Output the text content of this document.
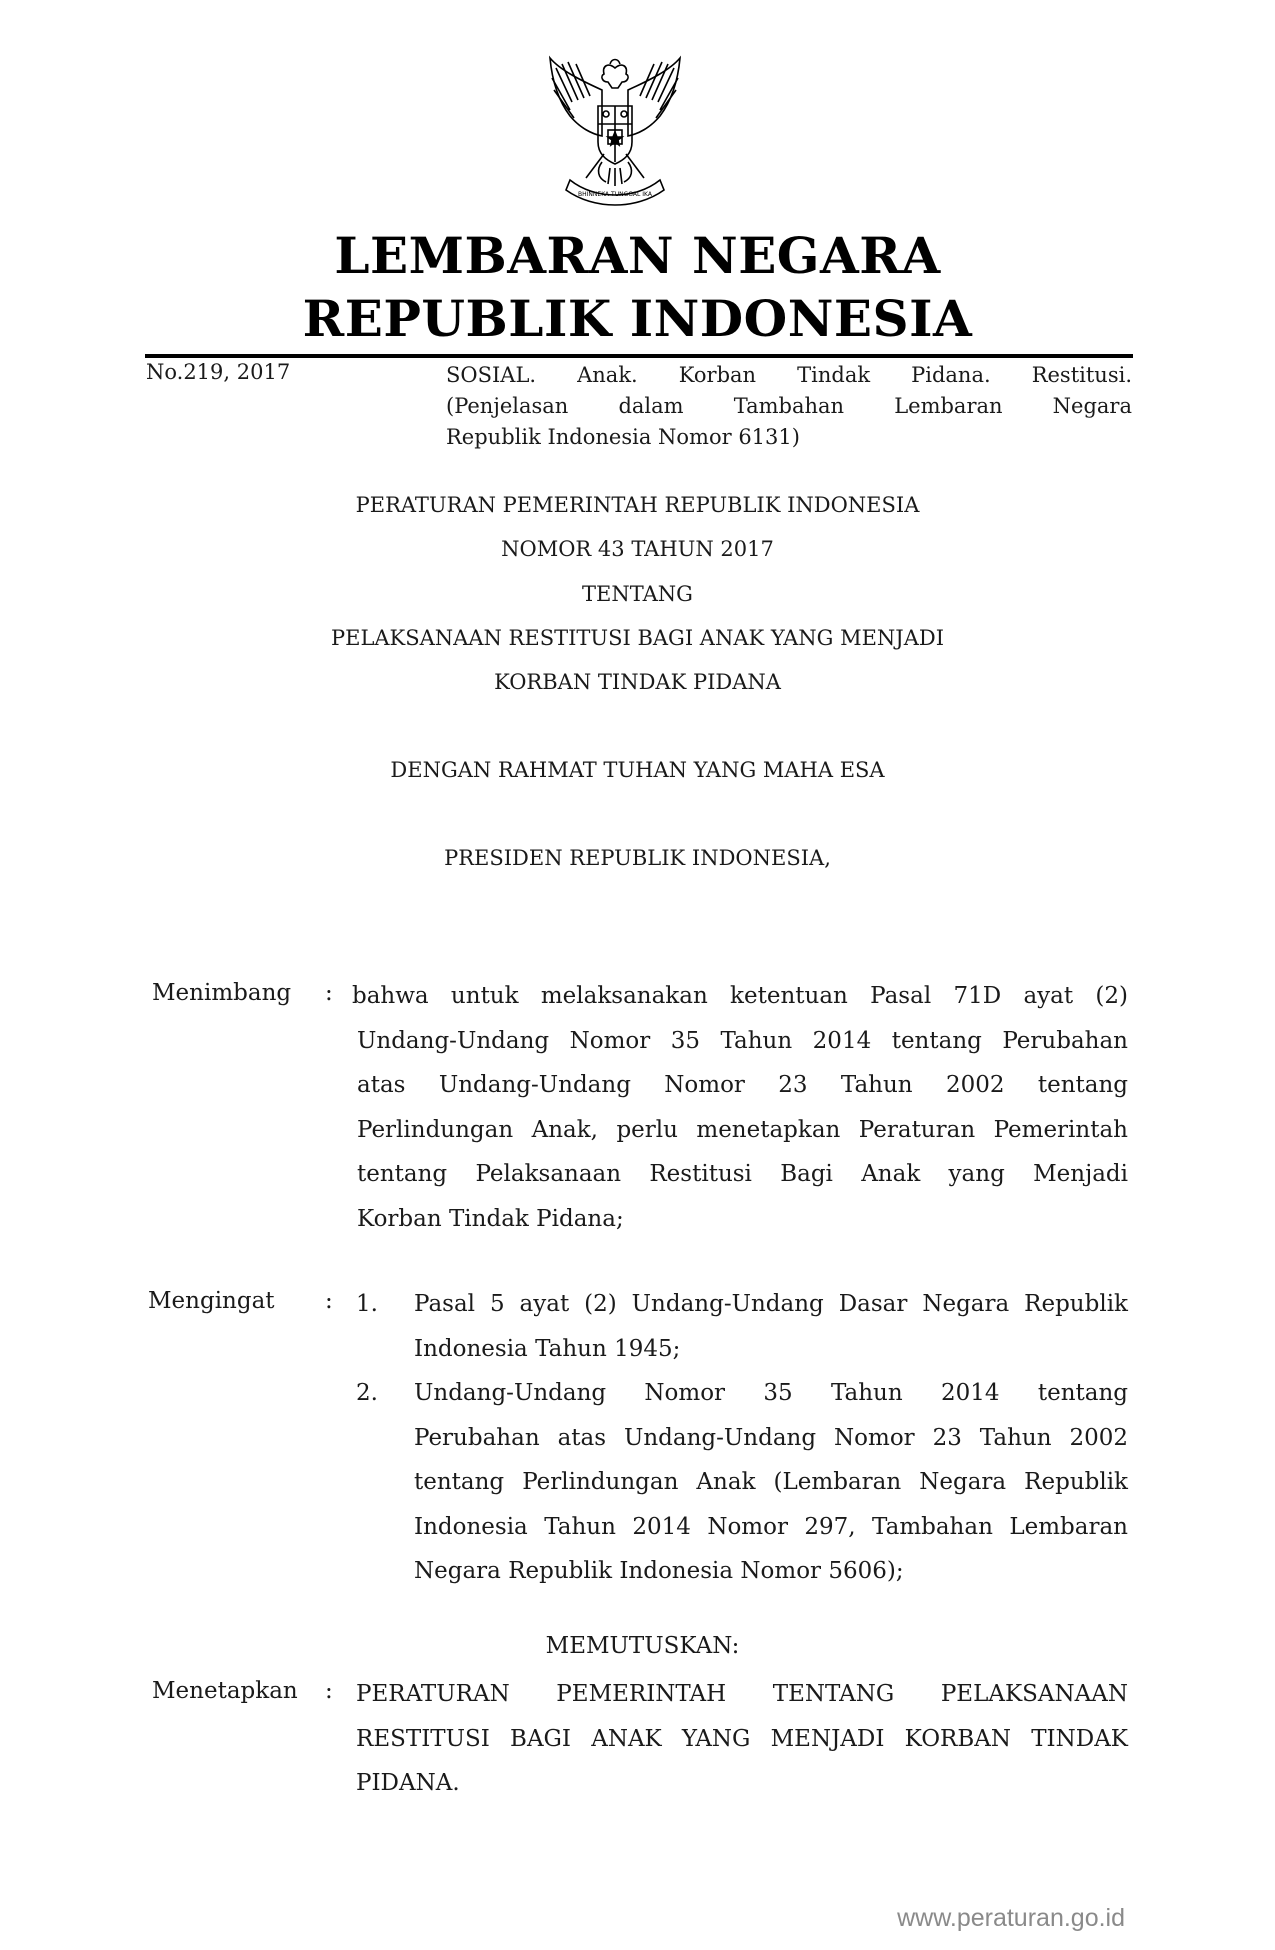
BHINNEKA TUNGGAL IKA
LEMBARAN NEGARA
REPUBLIK INDONESIA
No.219, 2017	SOSIAL. Anak. Korban Tindak Pidana. Restitusi.
(Penjelasan dalam Tambahan Lembaran Negara
Republik Indonesia Nomor 6131)
PERATURAN PEMERINTAH REPUBLIK INDONESIA
NOMOR 43 TAHUN 2017
TENTANG
PELAKSANAAN RESTITUSI BAGI ANAK YANG MENJADI
KORBAN TINDAK PIDANA
DENGAN RAHMAT TUHAN YANG MAHA ESA
PRESIDEN REPUBLIK INDONESIA,
Menimbang : bahwa untuk melaksanakan ketentuan Pasal 71D ayat (2)
Undang-Undang Nomor 35 Tahun 2014 tentang Perubahan
atas Undang-Undang Nomor 23 Tahun 2002 tentang
Perlindungan Anak, perlu menetapkan Peraturan Pemerintah
tentang Pelaksanaan Restitusi Bagi Anak yang Menjadi
Korban Tindak Pidana;
Mengingat : 1. Pasal 5 ayat (2) Undang-Undang Dasar Negara Republik
Indonesia Tahun 1945;
2. Undang-Undang Nomor 35 Tahun 2014 tentang
Perubahan atas Undang-Undang Nomor 23 Tahun 2002
tentang Perlindungan Anak (Lembaran Negara Republik
Indonesia Tahun 2014 Nomor 297, Tambahan Lembaran
Negara Republik Indonesia Nomor 5606);
MEMUTUSKAN:
Menetapkan : PERATURAN PEMERINTAH TENTANG PELAKSANAAN
RESTITUSI BAGI ANAK YANG MENJADI KORBAN TINDAK
PIDANA.
www.peraturan.go.id
